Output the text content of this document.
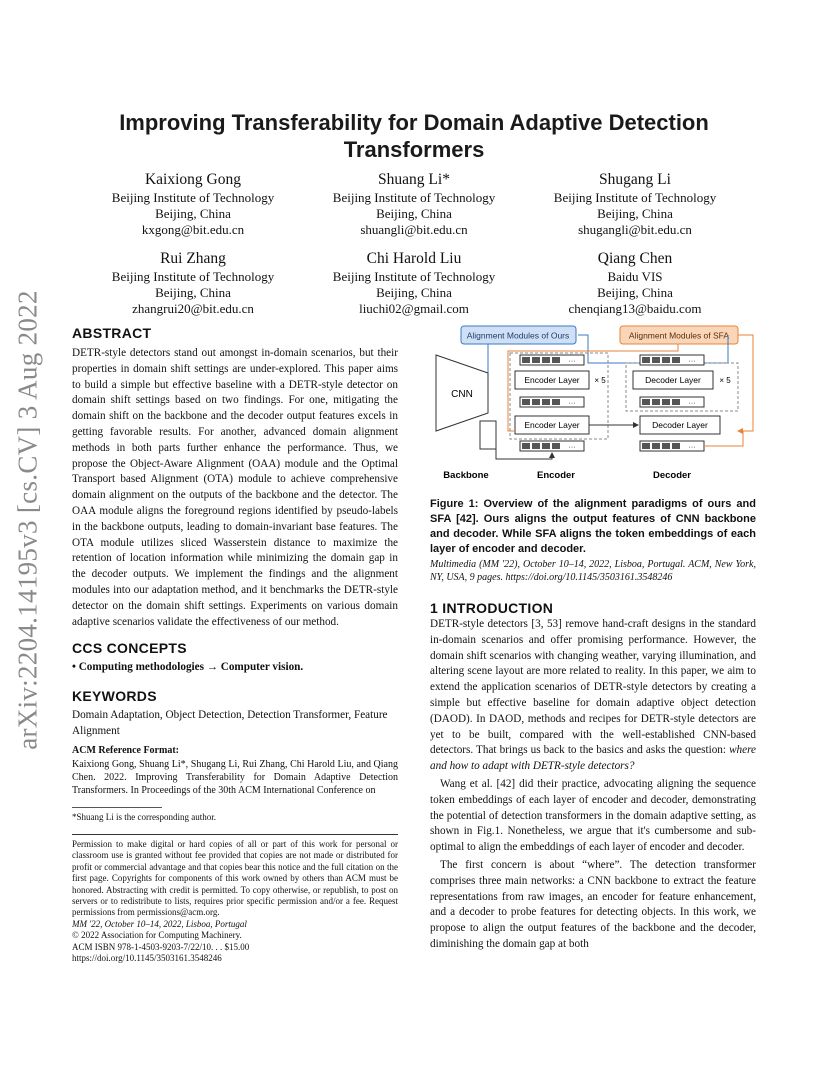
arXiv:2204.14195v3 [cs.CV] 3 Aug 2022
Improving Transferability for Domain Adaptive Detection
Transformers
Kaixiong Gong
Beijing Institute of Technology
Beijing, China
kxgong@bit.edu.cn
Shuang Li*
Beijing Institute of Technology
Beijing, China
shuangli@bit.edu.cn
Shugang Li
Beijing Institute of Technology
Beijing, China
shugangli@bit.edu.cn
Rui Zhang
Beijing Institute of Technology
Beijing, China
zhangrui20@bit.edu.cn
Chi Harold Liu
Beijing Institute of Technology
Beijing, China
liuchi02@gmail.com
Qiang Chen
Baidu VIS
Beijing, China
chenqiang13@baidu.com
ABSTRACT

DETR-style detectors stand out amongst in-domain scenarios, but their properties in domain shift settings are under-explored. This paper aims to build a simple but effective baseline with a DETR-style detector on domain shift settings based on two findings. For one, mitigating the domain shift on the backbone and the decoder output features excels in getting favorable results. For another, advanced domain alignment methods in both parts further enhance the performance. Thus, we propose the Object-Aware Alignment (OAA) module and the Optimal Transport based Alignment (OTA) module to achieve comprehensive domain alignment on the outputs of the backbone and the detector. The OAA module aligns the foreground regions identified by pseudo-labels in the backbone outputs, leading to domain-invariant base features. The OTA module utilizes sliced Wasserstein distance to maximize the retention of location information while minimizing the domain gap in the decoder outputs. We implement the findings and the alignment modules into our adaptation method, and it benchmarks the DETR-style detector on the domain shift settings. Experiments on various domain adaptive scenarios validate the effectiveness of our method.

CCS CONCEPTS
• Computing methodologies → Computer vision.
KEYWORDS
Domain Adaptation, Object Detection, Detection Transformer, Feature Alignment
ACM Reference Format:
Kaixiong Gong, Shuang Li*, Shugang Li, Rui Zhang, Chi Harold Liu, and Qiang Chen. 2022. Improving Transferability for Domain Adaptive Detection Transformers. In Proceedings of the 30th ACM International Conference on
*Shuang Li is the corresponding author.
Permission to make digital or hard copies of all or part of this work for personal or classroom use is granted without fee provided that copies are not made or distributed for profit or commercial advantage and that copies bear this notice and the full citation on the first page. Copyrights for components of this work owned by others than ACM must be honored. Abstracting with credit is permitted. To copy otherwise, or republish, to post on servers or to redistribute to lists, requires prior specific permission and/or a fee. Request permissions from permissions@acm.org.
MM '22, October 10–14, 2022, Lisboa, Portugal
© 2022 Association for Computing Machinery.
ACM ISBN 978-1-4503-9203-7/22/10. . . $15.00
https://doi.org/10.1145/3503161.3548246
Alignment Modules of Ours	Alignment Modules of SFA
CNN
···
Encoder Layer × 5
···
Encoder Layer
···
···
Decoder Layer × 5
···
Decoder Layer
···
Backbone	Encoder	Decoder
Figure 1: Overview of the alignment paradigms of ours and SFA [42]. Ours aligns the output features of CNN backbone and decoder. While SFA aligns the token embeddings of each layer of encoder and decoder.
Multimedia (MM '22), October 10–14, 2022, Lisboa, Portugal. ACM, New York, NY, USA, 9 pages. https://doi.org/10.1145/3503161.3548246
1 INTRODUCTION

DETR-style detectors [3, 53] remove hand-craft designs in the standard in-domain scenarios and offer promising performance. However, the domain shift scenarios with changing weather, varying illumination, and altering scene layout are more related to reality. In this paper, we aim to extend the application scenarios of DETR-style detectors by creating a simple but effective baseline for domain adaptive object detection (DAOD). In DAOD, methods and recipes for DETR-style detectors are yet to be built, compared with the well-established CNN-based detectors. That brings us back to the basics and asks the question: where and how to adapt with DETR-style detectors?

Wang et al. [42] did their practice, advocating aligning the sequence token embeddings of each layer of encoder and decoder, demonstrating the potential of detection transformers in the domain adaptive setting, as shown in Fig.1. Nonetheless, we argue that it's cumbersome and sub-optimal to align the embeddings of each layer of encoder and decoder.

The first concern is about “where”. The detection transformer comprises three main networks: a CNN backbone to extract the feature representations from raw images, an encoder for feature enhancement, and a decoder to probe features for detecting objects. In this work, we propose to align the output features of the backbone and the decoder, diminishing the domain gap at both
